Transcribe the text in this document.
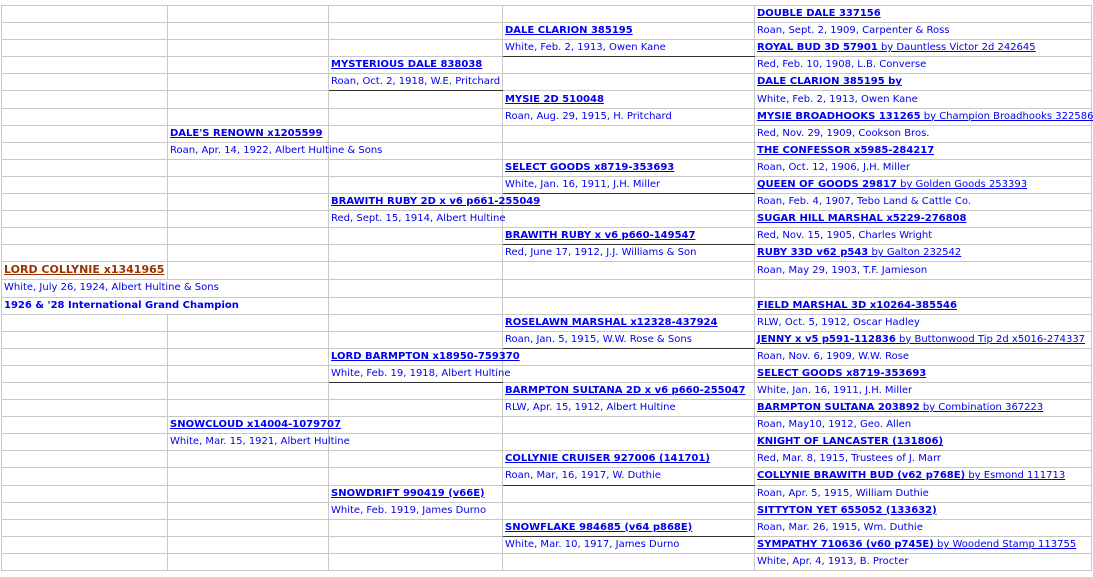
				DOUBLE DALE 337156
			DALE CLARION 385195	Roan, Sept. 2, 1909, Carpenter & Ross
			White, Feb. 2, 1913, Owen Kane	ROYAL BUD 3D 57901 by Dauntless Victor 2d 242645
		MYSTERIOUS DALE 838038		Red, Feb. 10, 1908, L.B. Converse
		Roan, Oct. 2, 1918, W.E. Pritchard		DALE CLARION 385195 by
			MYSIE 2D 510048	White, Feb. 2, 1913, Owen Kane
			Roan, Aug. 29, 1915, H. Pritchard	MYSIE BROADHOOKS 131265 by Champion Broadhooks 322586
	DALE'S RENOWN x1205599			Red, Nov. 29, 1909, Cookson Bros.
	Roan, Apr. 14, 1922, Albert Hultine & Sons			THE CONFESSOR x5985-284217
			SELECT GOODS x8719-353693	Roan, Oct. 12, 1906, J.H. Miller
			White, Jan. 16, 1911, J.H. Miller	QUEEN OF GOODS 29817 by Golden Goods 253393
		BRAWITH RUBY 2D x v6 p661-255049		Roan, Feb. 4, 1907, Tebo Land & Cattle Co.
		Red, Sept. 15, 1914, Albert Hultine		SUGAR HILL MARSHAL x5229-276808
			BRAWITH RUBY x v6 p660-149547	Red, Nov. 15, 1905, Charles Wright
			Red, June 17, 1912, J.J. Williams & Son	RUBY 33D v62 p543 by Galton 232542
LORD COLLYNIE x1341965				Roan, May 29, 1903, T.F. Jamieson
White, July 26, 1924, Albert Hultine & Sons				
1926 & '28 International Grand Champion				FIELD MARSHAL 3D x10264-385546
			ROSELAWN MARSHAL x12328-437924	RLW, Oct. 5, 1912, Oscar Hadley
			Roan, Jan. 5, 1915, W.W. Rose & Sons	JENNY x v5 p591-112836 by Buttonwood Tip 2d x5016-274337
		LORD BARMPTON x18950-759370		Roan, Nov. 6, 1909, W.W. Rose
		White, Feb. 19, 1918, Albert Hultine		SELECT GOODS x8719-353693
			BARMPTON SULTANA 2D x v6 p660-255047	White, Jan. 16, 1911, J.H. Miller
			RLW, Apr. 15, 1912, Albert Hultine	BARMPTON SULTANA 203892 by Combination 367223
	SNOWCLOUD x14004-1079707			Roan, May10, 1912, Geo. Allen
	White, Mar. 15, 1921, Albert Hultine			KNIGHT OF LANCASTER (131806)
			COLLYNIE CRUISER 927006 (141701)	Red, Mar. 8, 1915, Trustees of J. Marr
			Roan, Mar, 16, 1917, W. Duthie	COLLYNIE BRAWITH BUD (v62 p768E) by Esmond 111713
		SNOWDRIFT 990419 (v66E)		Roan, Apr. 5, 1915, William Duthie
		White, Feb. 1919, James Durno		SITTYTON YET 655052 (133632)
			SNOWFLAKE 984685 (v64 p868E)	Roan, Mar. 26, 1915, Wm. Duthie
			White, Mar. 10, 1917, James Durno	SYMPATHY 710636 (v60 p745E) by Woodend Stamp 113755
				White, Apr. 4, 1913, B. Procter
